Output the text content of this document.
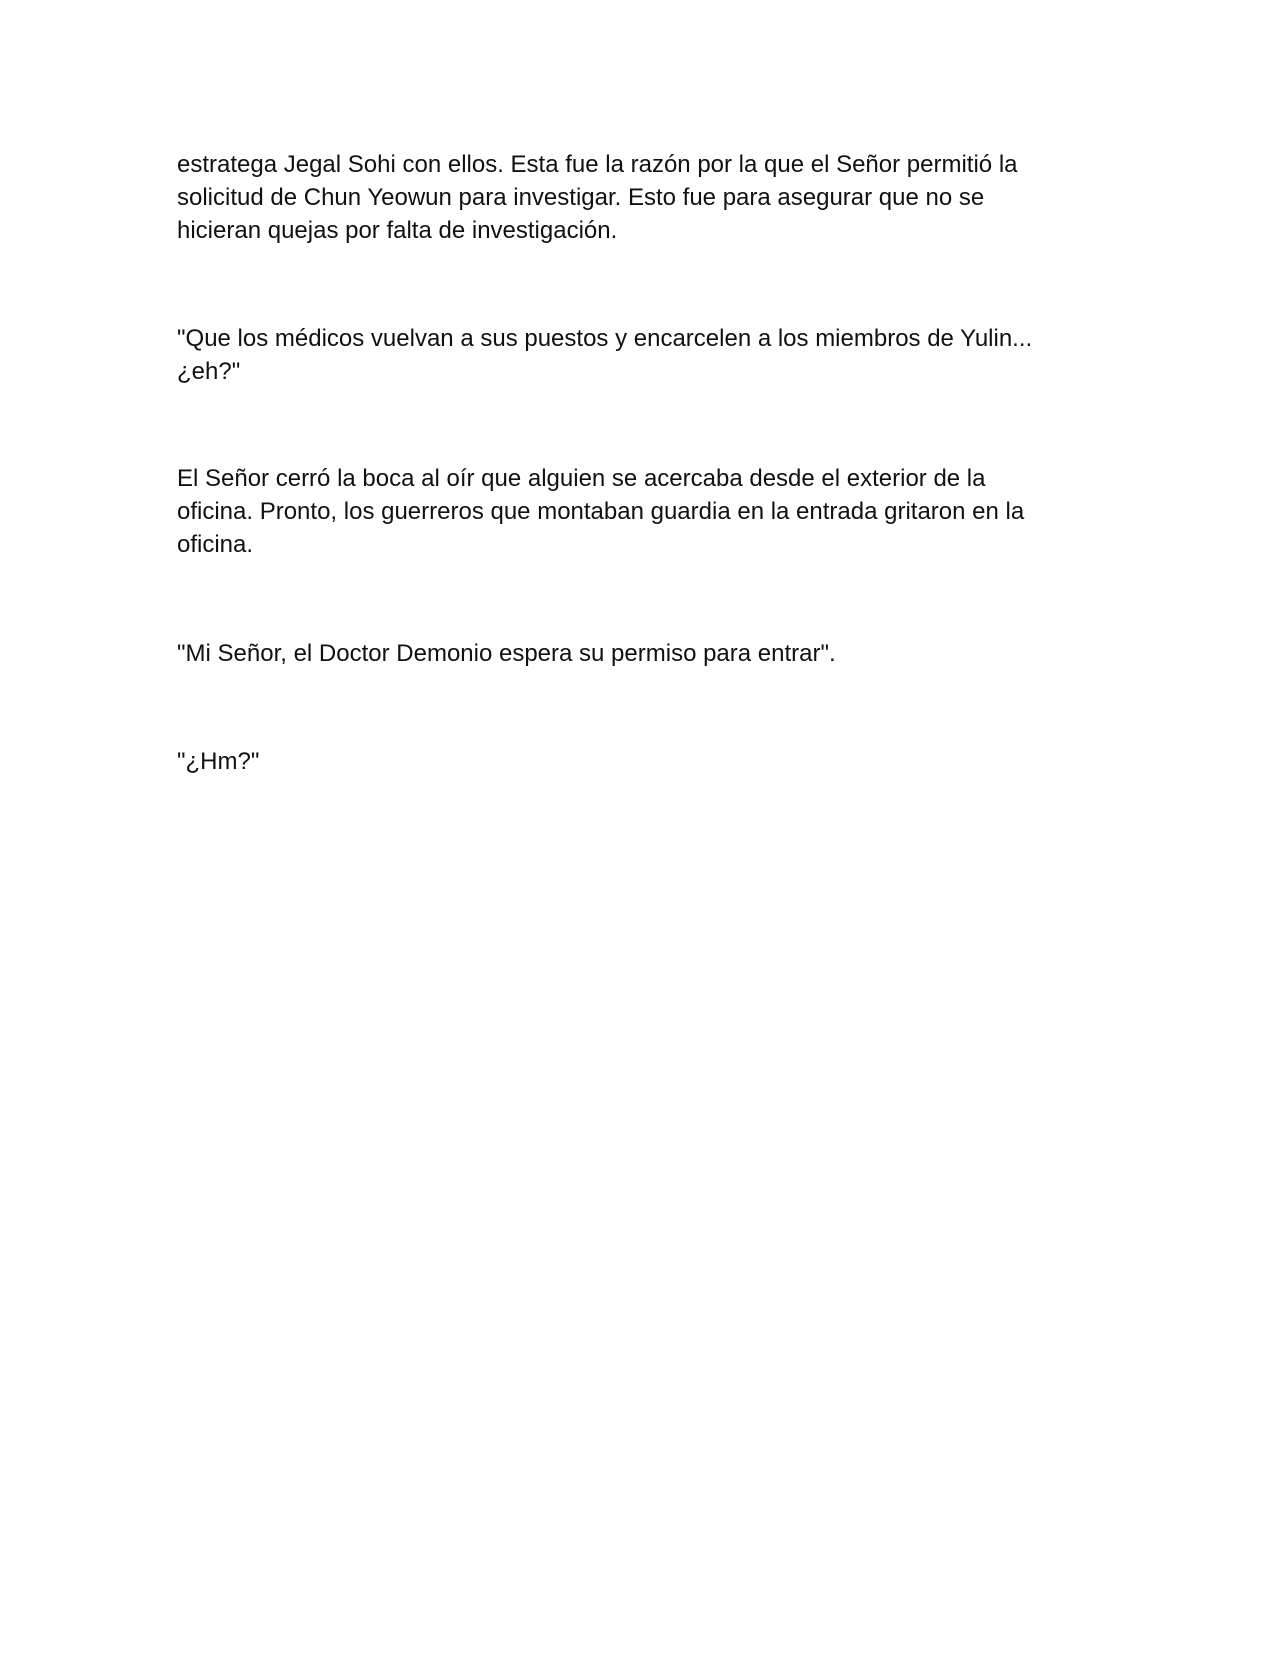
estratega Jegal Sohi con ellos. Esta fue la razón por la que el Señor permitió la
solicitud de Chun Yeowun para investigar. Esto fue para asegurar que no se
hicieran quejas por falta de investigación.

"Que los médicos vuelvan a sus puestos y encarcelen a los miembros de Yulin...
¿eh?"

El Señor cerró la boca al oír que alguien se acercaba desde el exterior de la
oficina. Pronto, los guerreros que montaban guardia en la entrada gritaron en la
oficina.

"Mi Señor, el Doctor Demonio espera su permiso para entrar".

"¿Hm?"
